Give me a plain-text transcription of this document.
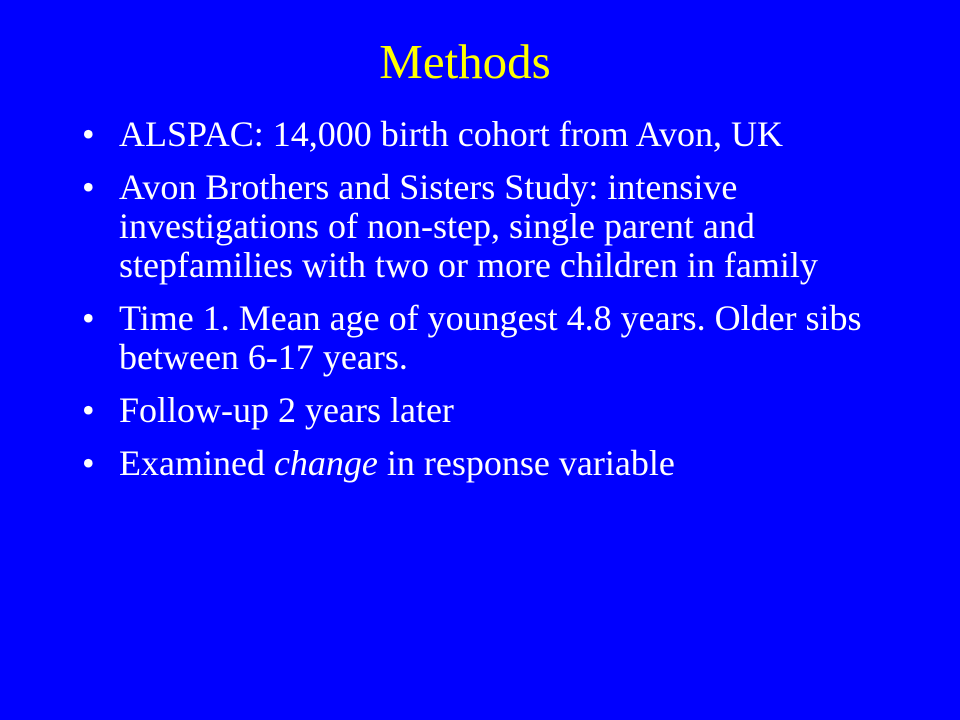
Methods
• ALSPAC: 14,000 birth cohort from Avon, UK
• Avon Brothers and Sisters Study: intensive investigations of non-step, single parent and stepfamilies with two or more children in family
• Time 1. Mean age of youngest 4.8 years. Older sibs between 6-17 years.
• Follow-up 2 years later
• Examined change in response variable
